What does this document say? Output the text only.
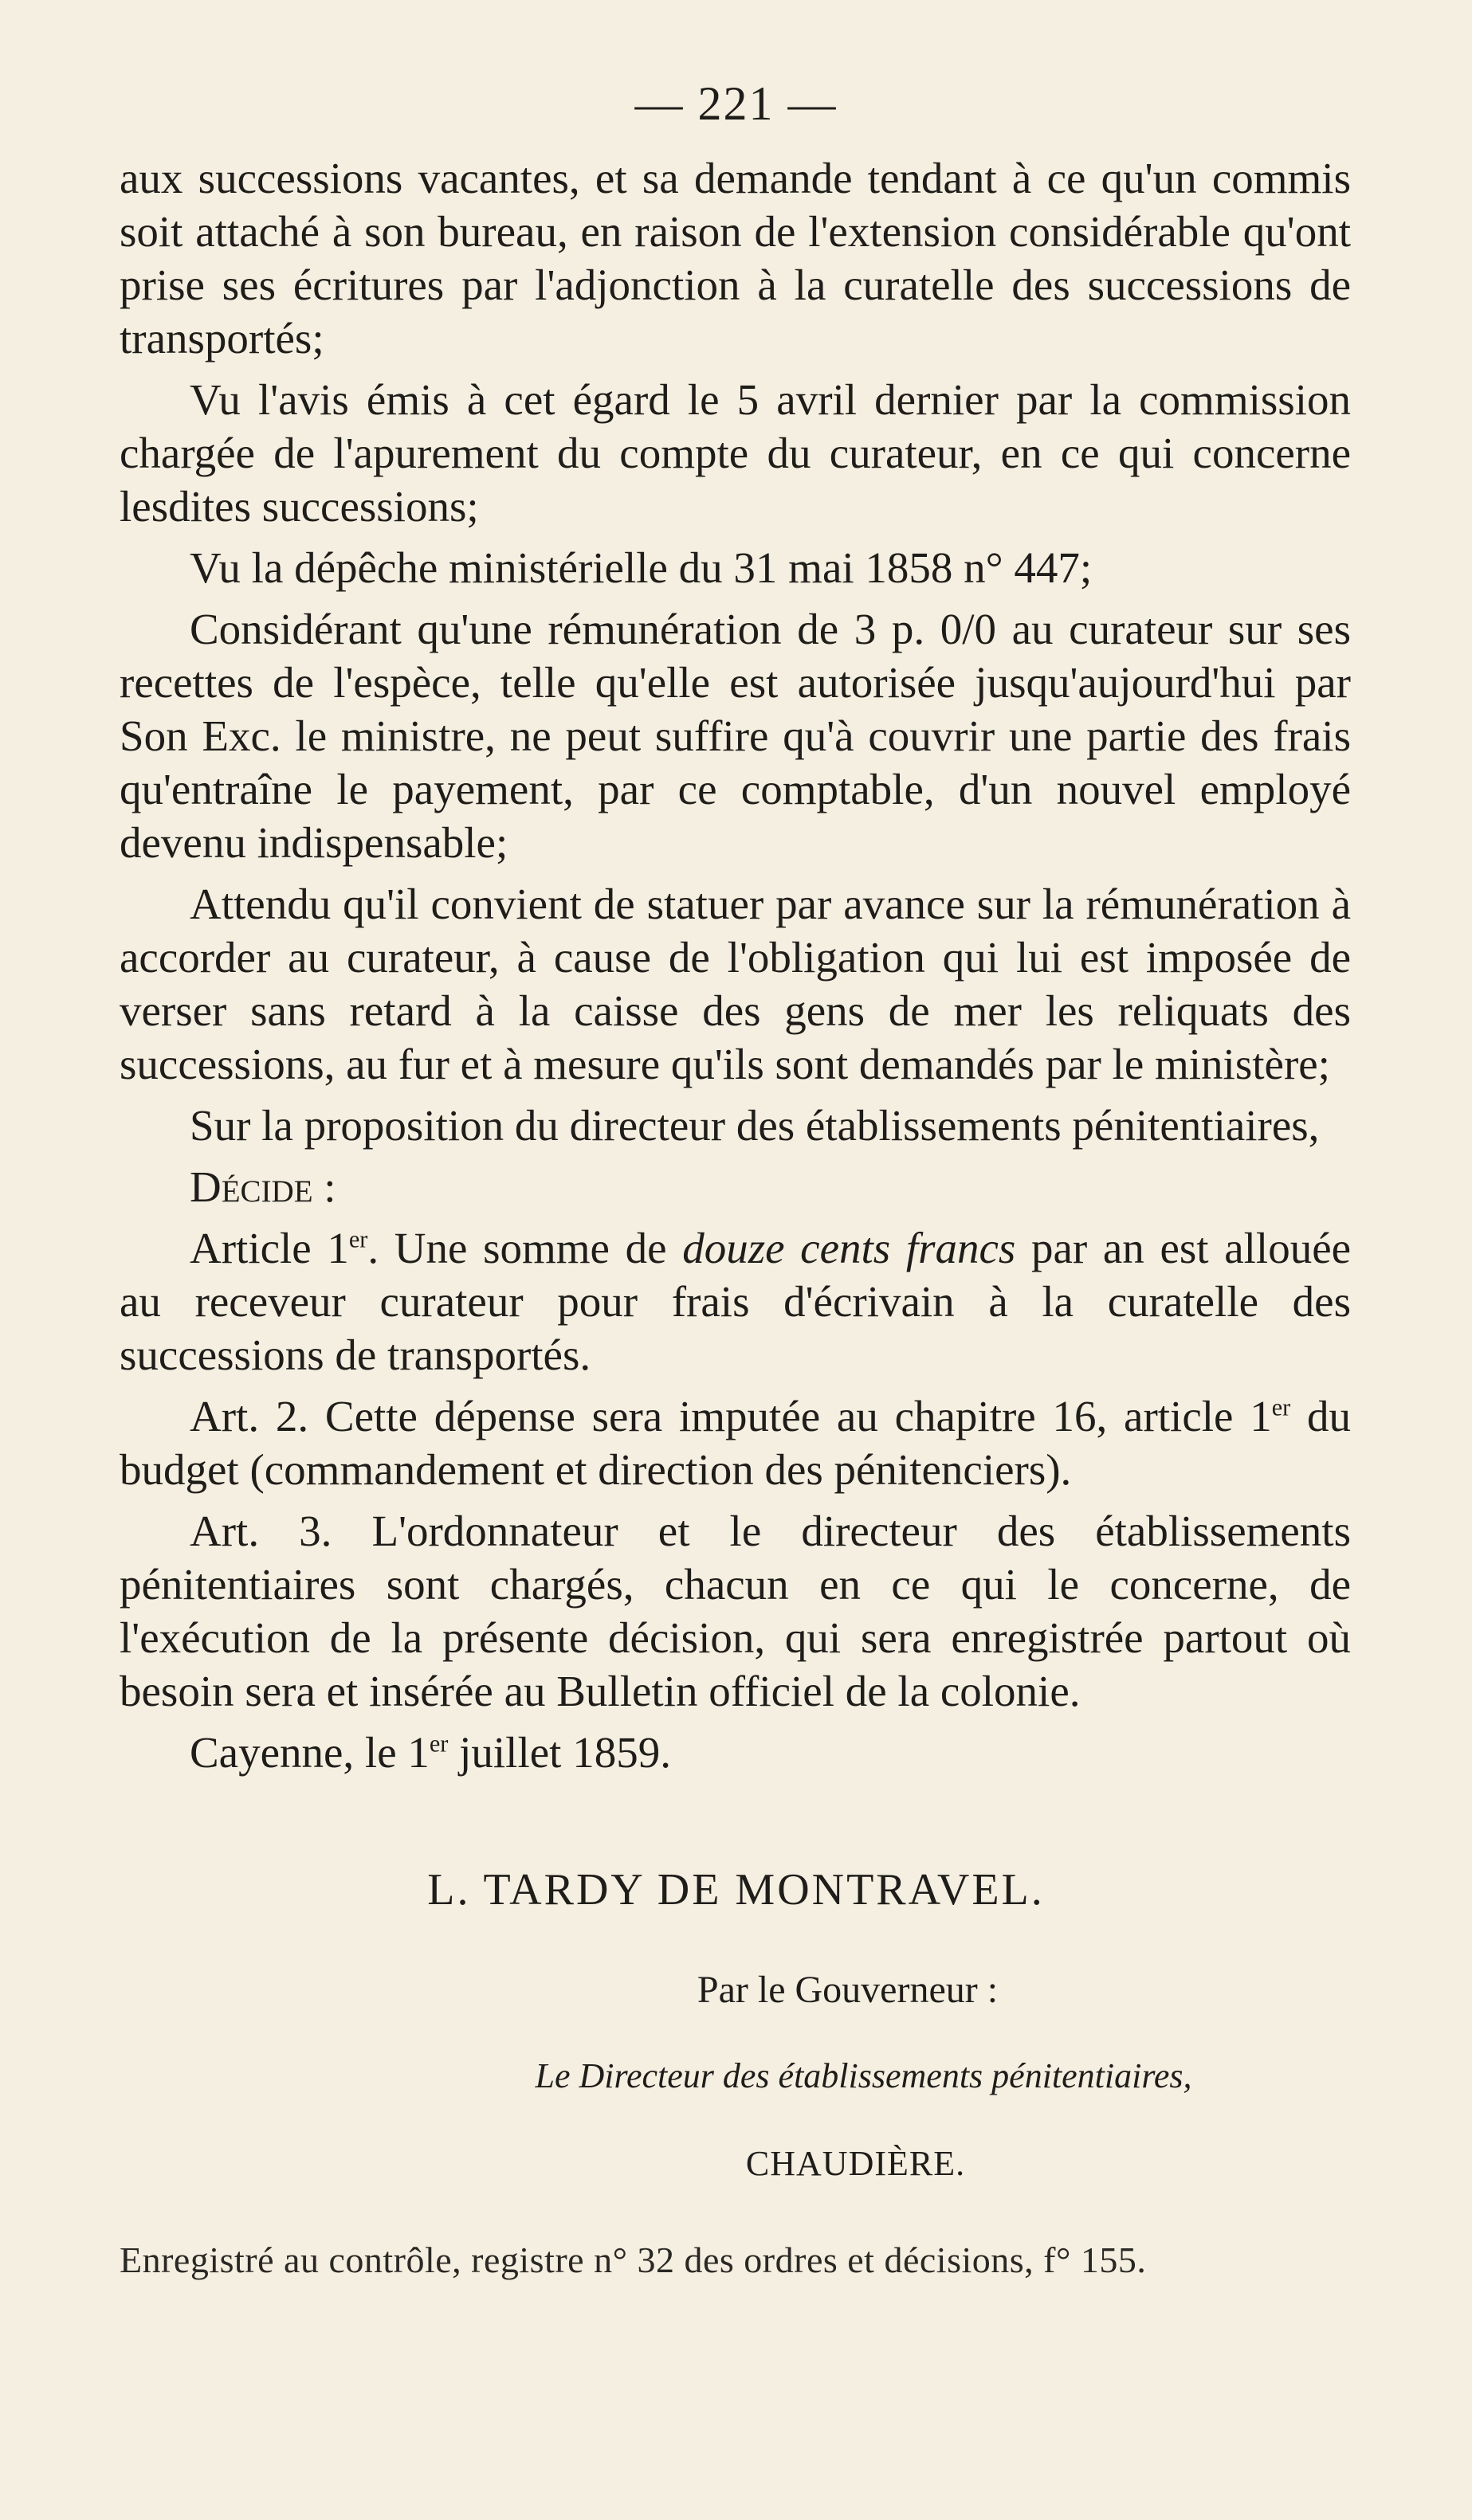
— 221 —

aux successions vacantes, et sa demande tendant à ce qu'un commis soit attaché à son bureau, en raison de l'extension considérable qu'ont prise ses écritures par l'adjonction à la curatelle des successions de transportés;

Vu l'avis émis à cet égard le 5 avril dernier par la commission chargée de l'apurement du compte du curateur, en ce qui concerne lesdites successions;

Vu la dépêche ministérielle du 31 mai 1858 n° 447;

Considérant qu'une rémunération de 3 p. 0/0 au curateur sur ses recettes de l'espèce, telle qu'elle est autorisée jusqu'aujourd'hui par Son Exc. le ministre, ne peut suffire qu'à couvrir une partie des frais qu'entraîne le payement, par ce comptable, d'un nouvel employé devenu indispensable;

Attendu qu'il convient de statuer par avance sur la rémunération à accorder au curateur, à cause de l'obligation qui lui est imposée de verser sans retard à la caisse des gens de mer les reliquats des successions, au fur et à mesure qu'ils sont demandés par le ministère;

Sur la proposition du directeur des établissements pénitentiaires,

Décide :

Article 1er. Une somme de douze cents francs par an est allouée au receveur curateur pour frais d'écrivain à la curatelle des successions de transportés.

Art. 2. Cette dépense sera imputée au chapitre 16, article 1er du budget (commandement et direction des pénitenciers).

Art. 3. L'ordonnateur et le directeur des établissements pénitentiaires sont chargés, chacun en ce qui le concerne, de l'exécution de la présente décision, qui sera enregistrée partout où besoin sera et insérée au Bulletin officiel de la colonie.

Cayenne, le 1er juillet 1859.

L. TARDY DE MONTRAVEL.
Par le Gouverneur :
Le Directeur des établissements pénitentiaires,
CHAUDIÈRE.
Enregistré au contrôle, registre n° 32 des ordres et décisions, f° 155.
